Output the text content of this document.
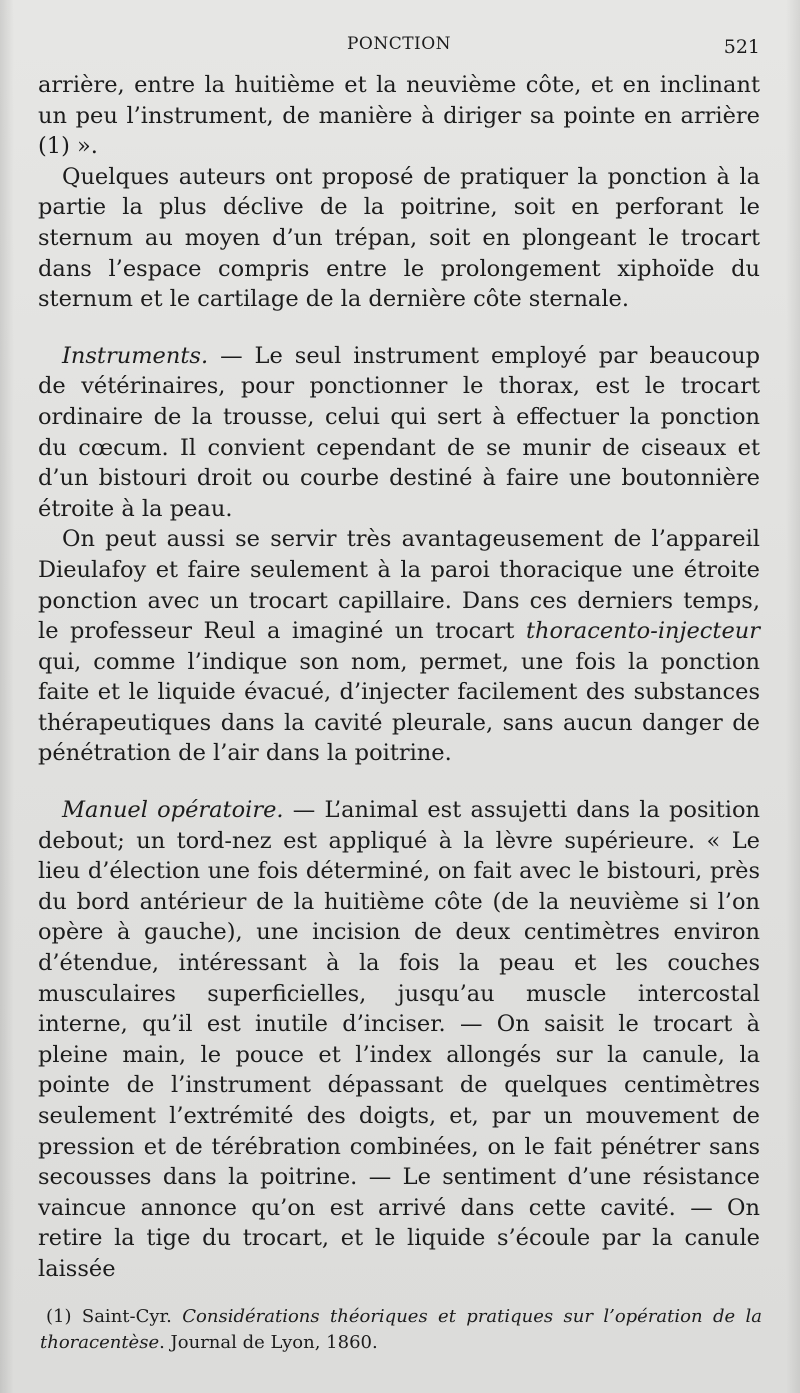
PONCTION	521

arrière, entre la huitième et la neuvième côte, et en inclinant un peu l’instrument, de manière à diriger sa pointe en arrière (1) ».

Quelques auteurs ont proposé de pratiquer la ponction à la partie la plus déclive de la poitrine, soit en perforant le sternum au moyen d’un trépan, soit en plongeant le trocart dans l’espace compris entre le prolongement xiphoïde du sternum et le cartilage de la dernière côte sternale.

Instruments. — Le seul instrument employé par beaucoup de vétérinaires, pour ponctionner le thorax, est le trocart ordinaire de la trousse, celui qui sert à effectuer la ponction du cœcum. Il convient cependant de se munir de ciseaux et d’un bistouri droit ou courbe destiné à faire une boutonnière étroite à la peau.

On peut aussi se servir très avantageusement de l’appareil Dieulafoy et faire seulement à la paroi thoracique une étroite ponction avec un trocart capillaire. Dans ces derniers temps, le professeur Reul a imaginé un trocart thoracento-injecteur qui, comme l’indique son nom, permet, une fois la ponction faite et le liquide évacué, d’injecter facilement des substances thérapeutiques dans la cavité pleurale, sans aucun danger de pénétration de l’air dans la poitrine.

Manuel opératoire. — L’animal est assujetti dans la position debout; un tord-nez est appliqué à la lèvre supérieure. « Le lieu d’élection une fois déterminé, on fait avec le bistouri, près du bord antérieur de la huitième côte (de la neuvième si l’on opère à gauche), une incision de deux centimètres environ d’étendue, intéressant à la fois la peau et les couches musculaires superficielles, jusqu’au muscle intercostal interne, qu’il est inutile d’inciser. — On saisit le trocart à pleine main, le pouce et l’index allongés sur la canule, la pointe de l’instrument dépassant de quelques centimètres seulement l’extrémité des doigts, et, par un mouvement de pression et de térébration combinées, on le fait pénétrer sans secousses dans la poitrine. — Le sentiment d’une résistance vaincue annonce qu’on est arrivé dans cette cavité. — On retire la tige du trocart, et le liquide s’écoule par la canule laissée

(1) Saint-Cyr. Considérations théoriques et pratiques sur l’opération de la thoracentèse. Journal de Lyon, 1860.
